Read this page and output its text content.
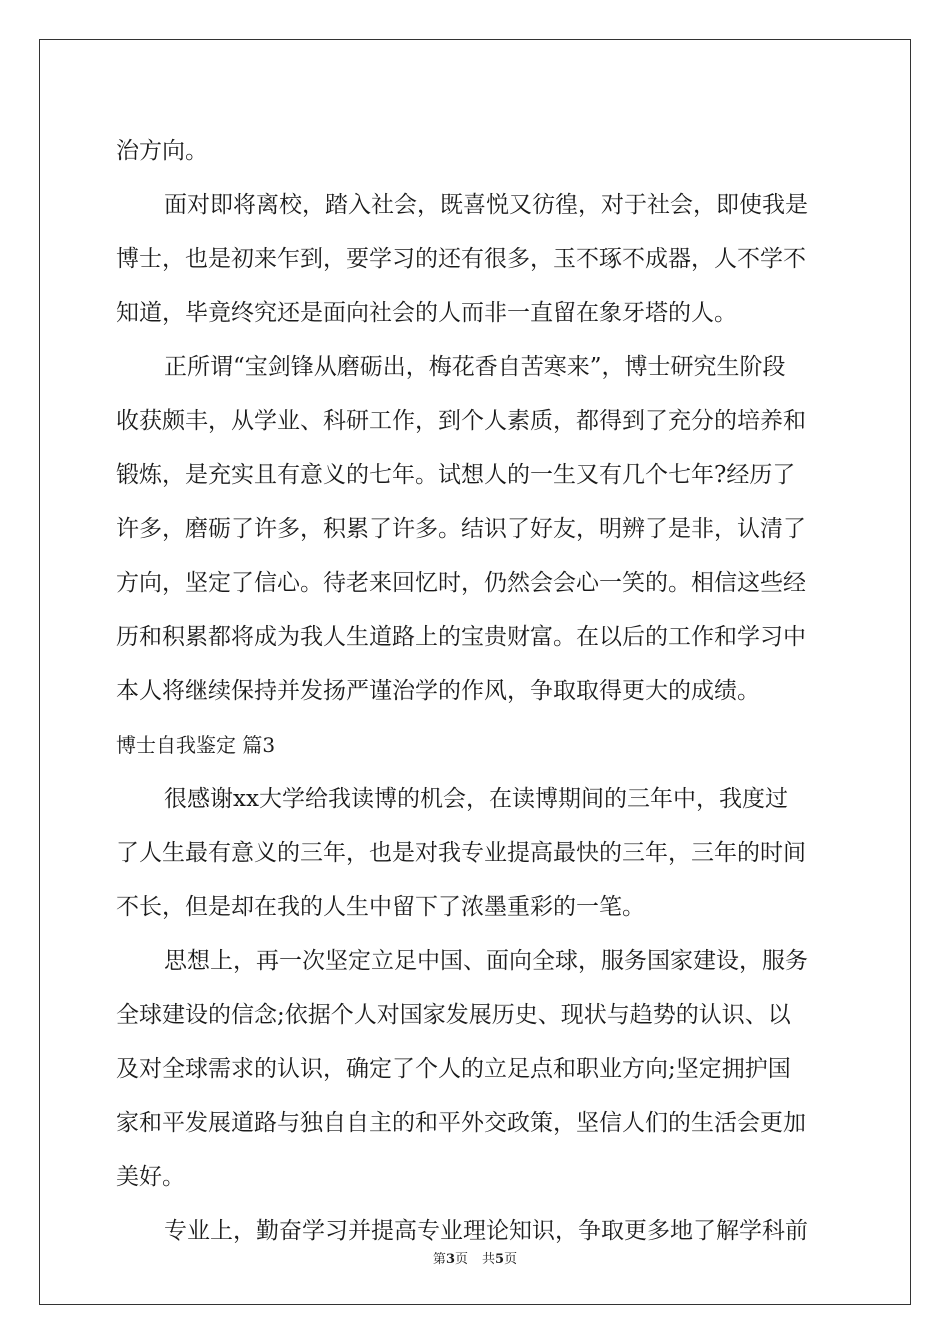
治方向。
面对即将离校，踏入社会，既喜悦又彷徨，对于社会，即使我是
博士，也是初来乍到，要学习的还有很多，玉不琢不成器，人不学不
知道，毕竟终究还是面向社会的人而非一直留在象牙塔的人。
正所谓“宝剑锋从磨砺出，梅花香自苦寒来”，博士研究生阶段
收获颇丰，从学业、科研工作，到个人素质，都得到了充分的培养和
锻炼，是充实且有意义的七年。试想人的一生又有几个七年?经历了
许多，磨砺了许多，积累了许多。结识了好友，明辨了是非，认清了
方向，坚定了信心。待老来回忆时，仍然会会心一笑的。相信这些经
历和积累都将成为我人生道路上的宝贵财富。在以后的工作和学习中
本人将继续保持并发扬严谨治学的作风，争取取得更大的成绩。
博士自我鉴定 篇3
很感谢xx大学给我读博的机会，在读博期间的三年中，我度过
了人生最有意义的三年，也是对我专业提高最快的三年，三年的时间
不长，但是却在我的人生中留下了浓墨重彩的一笔。
思想上，再一次坚定立足中国、面向全球，服务国家建设，服务
全球建设的信念;依据个人对国家发展历史、现状与趋势的认识、以
及对全球需求的认识，确定了个人的立足点和职业方向;坚定拥护国
家和平发展道路与独自自主的和平外交政策，坚信人们的生活会更加
美好。
专业上，勤奋学习并提高专业理论知识，争取更多地了解学科前
第3页 共5页
